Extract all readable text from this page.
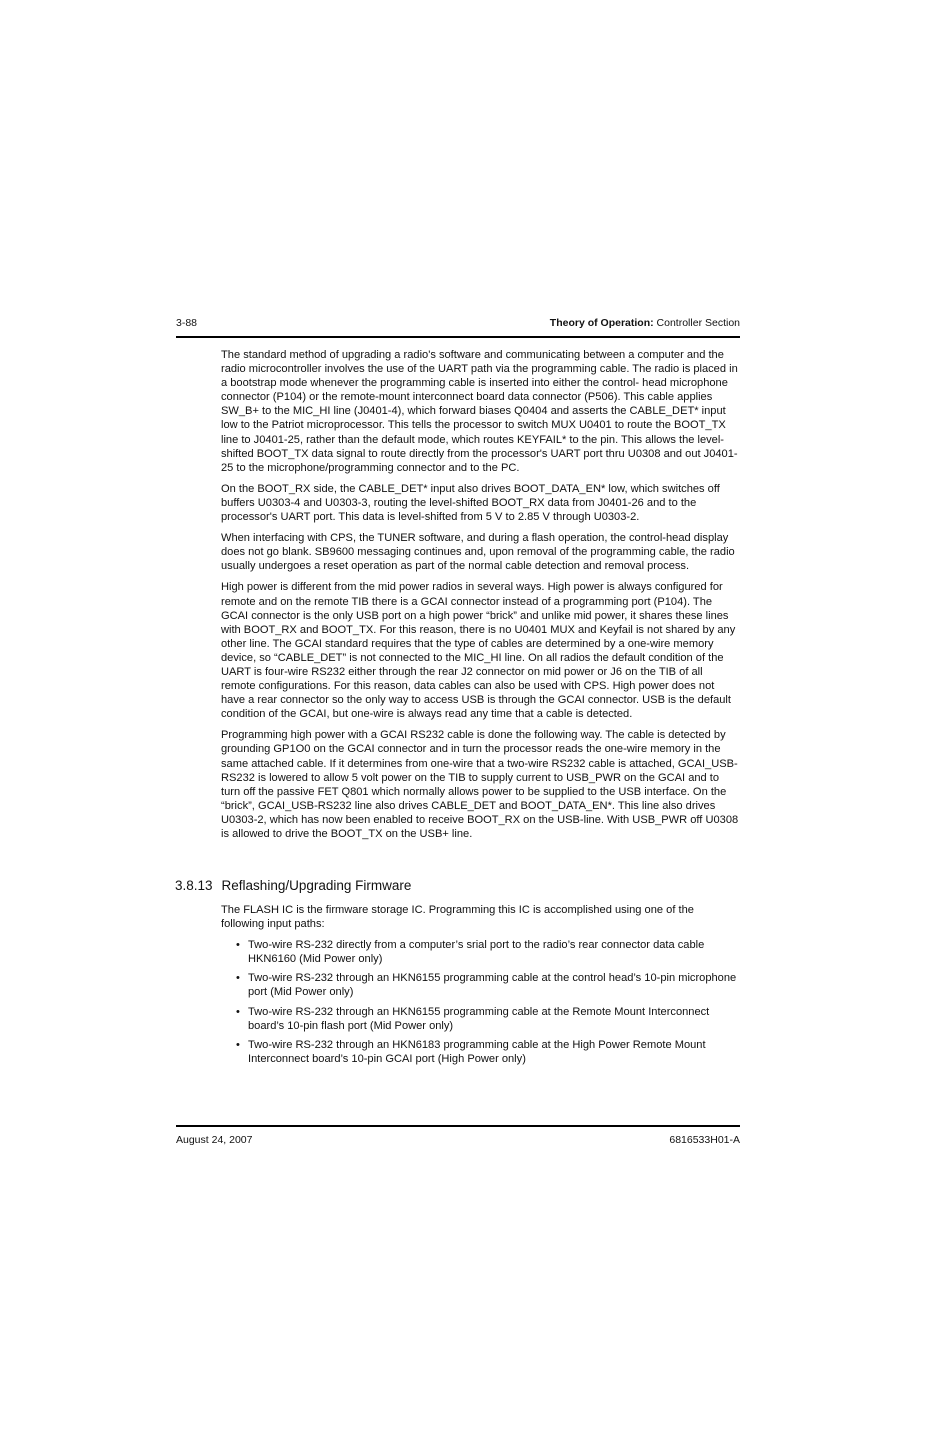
3-88	Theory of Operation: Controller Section

The standard method of upgrading a radio's software and communicating between a computer and the radio microcontroller involves the use of the UART path via the programming cable. The radio is placed in a bootstrap mode whenever the programming cable is inserted into either the control- head microphone connector (P104) or the remote-mount interconnect board data connector (P506). This cable applies SW_B+ to the MIC_HI line (J0401-4), which forward biases Q0404 and asserts the CABLE_DET* input low to the Patriot microprocessor. This tells the processor to switch MUX U0401 to route the BOOT_TX line to J0401-25, rather than the default mode, which routes KEYFAIL* to the pin. This allows the level-shifted BOOT_TX data signal to route directly from the processor's UART port thru U0308 and out J0401-25 to the microphone/programming connector and to the PC.

On the BOOT_RX side, the CABLE_DET* input also drives BOOT_DATA_EN* low, which switches off buffers U0303-4 and U0303-3, routing the level-shifted BOOT_RX data from J0401-26 and to the processor's UART port. This data is level-shifted from 5 V to 2.85 V through U0303-2.

When interfacing with CPS, the TUNER software, and during a flash operation, the control-head display does not go blank. SB9600 messaging continues and, upon removal of the programming cable, the radio usually undergoes a reset operation as part of the normal cable detection and removal process.

High power is different from the mid power radios in several ways. High power is always configured for remote and on the remote TIB there is a GCAI connector instead of a programming port (P104). The GCAI connector is the only USB port on a high power “brick” and unlike mid power, it shares these lines with BOOT_RX and BOOT_TX. For this reason, there is no U0401 MUX and Keyfail is not shared by any other line. The GCAI standard requires that the type of cables are determined by a one-wire memory device, so “CABLE_DET” is not connected to the MIC_HI line. On all radios the default condition of the UART is four-wire RS232 either through the rear J2 connector on mid power or J6 on the TIB of all remote configurations. For this reason, data cables can also be used with CPS. High power does not have a rear connector so the only way to access USB is through the GCAI connector. USB is the default condition of the GCAI, but one-wire is always read any time that a cable is detected.

Programming high power with a GCAI RS232 cable is done the following way. The cable is detected by grounding GP1O0 on the GCAI connector and in turn the processor reads the one-wire memory in the same attached cable. If it determines from one-wire that a two-wire RS232 cable is attached, GCAI_USB-RS232 is lowered to allow 5 volt power on the TIB to supply current to USB_PWR on the GCAI and to turn off the passive FET Q801 which normally allows power to be supplied to the USB interface. On the “brick”, GCAI_USB-RS232 line also drives CABLE_DET and BOOT_DATA_EN*. This line also drives U0303-2, which has now been enabled to receive BOOT_RX on the USB-line. With USB_PWR off U0308 is allowed to drive the BOOT_TX on the USB+ line.

3.8.13 Reflashing/Upgrading Firmware

The FLASH IC is the firmware storage IC. Programming this IC is accomplished using one of the following input paths:

• Two-wire RS-232 directly from a computer’s srial port to the radio’s rear connector data cable HKN6160 (Mid Power only)
• Two-wire RS-232 through an HKN6155 programming cable at the control head’s 10-pin microphone port (Mid Power only)
• Two-wire RS-232 through an HKN6155 programming cable at the Remote Mount Interconnect board’s 10-pin flash port (Mid Power only)
• Two-wire RS-232 through an HKN6183 programming cable at the High Power Remote Mount Interconnect board’s 10-pin GCAI port (High Power only)
August 24, 2007	6816533H01-A
